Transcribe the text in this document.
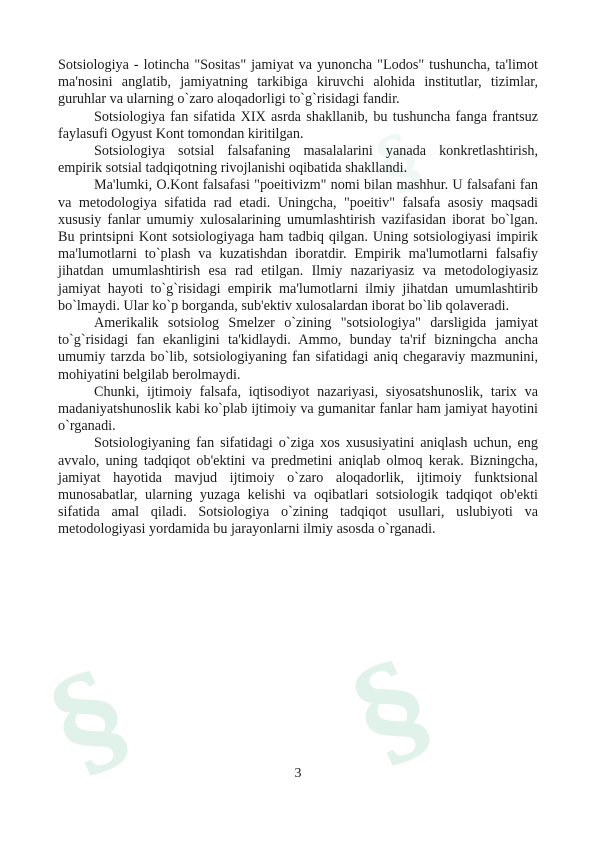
§
§ §

Sotsiologiya - lotincha "Sositas" jamiyat va yunoncha "Lodos" tushuncha, ta'limot ma'nosini anglatib, jamiyatning tarkibiga kiruvchi alohida institutlar, tizimlar, guruhlar va ularning o`zaro aloqadorligi to`g`risidagi fandir.

Sotsiologiya fan sifatida XIX asrda shakllanib, bu tushuncha fanga frantsuz faylasufi Ogyust Kont tomondan kiritilgan.

Sotsiologiya sotsial falsafaning masalalarini yanada konkretlashtirish, empirik sotsial tadqiqotning rivojlanishi oqibatida shakllandi.

Ma'lumki, O.Kont falsafasi "poeitivizm" nomi bilan mashhur. U falsafani fan va metodologiya sifatida rad etadi. Uningcha, "poeitiv" falsafa asosiy maqsadi xususiy fanlar umumiy xulosalarining umumlashtirish vazifasidan iborat bo`lgan. Bu printsipni Kont sotsiologiyaga ham tadbiq qilgan. Uning sotsiologiyasi impirik ma'lumotlarni to`plash va kuzatishdan iboratdir. Empirik ma'lumotlarni falsafiy jihatdan umumlashtirish esa rad etilgan. Ilmiy nazariyasiz va metodologiyasiz jamiyat hayoti to`g`risidagi empirik ma'lumotlarni ilmiy jihatdan umumlashtirib bo`lmaydi. Ular ko`p borganda, sub'ektiv xulosalardan iborat bo`lib qolaveradi.

Amerikalik sotsiolog Smelzer o`zining "sotsiologiya" darsligida jamiyat to`g`risidagi fan ekanligini ta'kidlaydi. Ammo, bunday ta'rif bizningcha ancha umumiy tarzda bo`lib, sotsiologiyaning fan sifatidagi aniq chegaraviy mazmunini, mohiyatini belgilab berolmaydi.

Chunki, ijtimoiy falsafa, iqtisodiyot nazariyasi, siyosatshunoslik, tarix va madaniyatshunoslik kabi ko`plab ijtimoiy va gumanitar fanlar ham jamiyat hayotini o`rganadi.

Sotsiologiyaning fan sifatidagi o`ziga xos xususiyatini aniqlash uchun, eng avvalo, uning tadqiqot ob'ektini va predmetini aniqlab olmoq kerak. Bizningcha, jamiyat hayotida mavjud ijtimoiy o`zaro aloqadorlik, ijtimoiy funktsional munosabatlar, ularning yuzaga kelishi va oqibatlari sotsiologik tadqiqot ob'ekti sifatida amal qiladi. Sotsiologiya o`zining tadqiqot usullari, uslubiyoti va metodologiyasi yordamida bu jarayonlarni ilmiy asosda o`rganadi.

3
